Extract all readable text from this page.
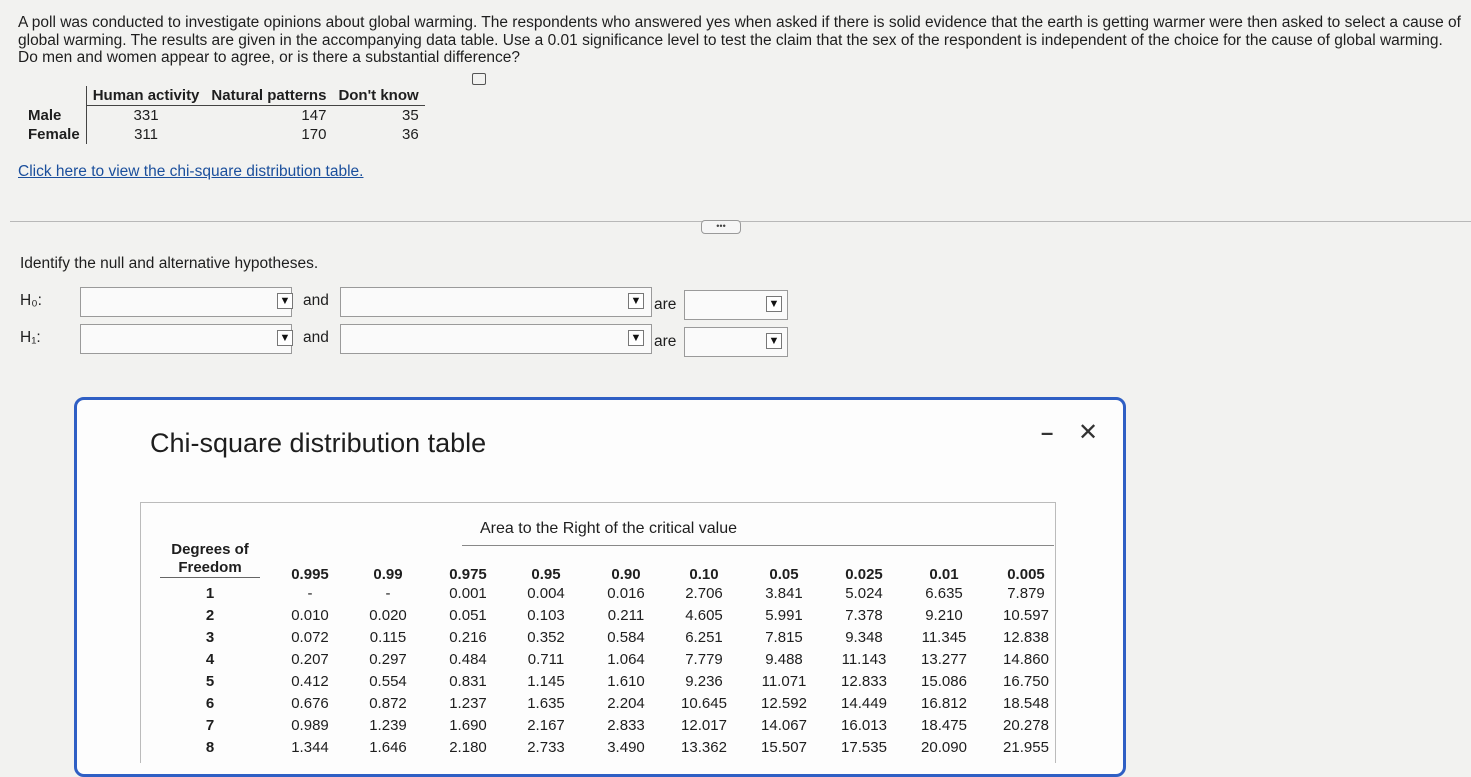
A poll was conducted to investigate opinions about global warming. The respondents who answered yes when asked if there is solid evidence that the earth is getting warmer were then asked to select a cause of global warming. The results are given in the accompanying data table. Use a 0.01 significance level to test the claim that the sex of the respondent is independent of the choice for the cause of global warming. Do men and women appear to agree, or is there a substantial difference?
	Human activity	Natural patterns	Don't know
Male	331	147	35
Female	311	170	36
Click here to view the chi-square distribution table.
•••
Identify the null and alternative hypotheses.
H₀:	▼ and	▼ are	▼
H₁:	▼ and	▼ are	▼
Chi-square distribution table	– ✕
Area to the Right of the critical value
Degrees of
Freedom	0.995	0.99	0.975	0.95	0.90	0.10	0.05	0.025	0.01	0.005
1	-	-	0.001	0.004	0.016	2.706	3.841	5.024	6.635	7.879
2	0.010	0.020	0.051	0.103	0.211	4.605	5.991	7.378	9.210	10.597
3	0.072	0.115	0.216	0.352	0.584	6.251	7.815	9.348	11.345	12.838
4	0.207	0.297	0.484	0.711	1.064	7.779	9.488	11.143	13.277	14.860
5	0.412	0.554	0.831	1.145	1.610	9.236	11.071	12.833	15.086	16.750
6	0.676	0.872	1.237	1.635	2.204	10.645	12.592	14.449	16.812	18.548
7	0.989	1.239	1.690	2.167	2.833	12.017	14.067	16.013	18.475	20.278
8	1.344	1.646	2.180	2.733	3.490	13.362	15.507	17.535	20.090	21.955
